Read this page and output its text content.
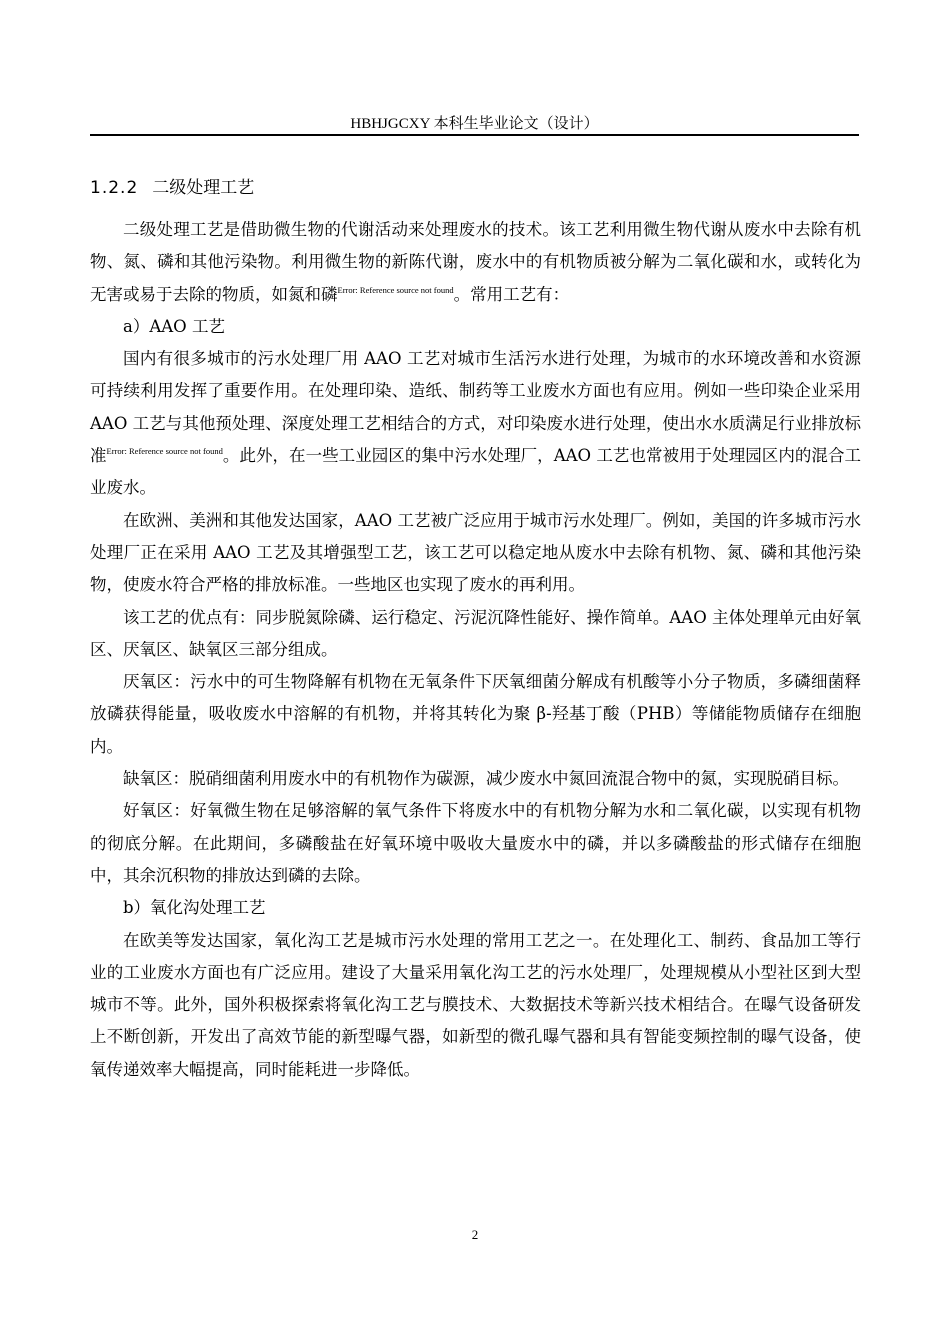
HBHJGCXY 本科生毕业论文（设计）
1.2.2 二级处理工艺

二级处理工艺是借助微生物的代谢活动来处理废水的技术。该工艺利用微生物代谢从废水中去除有机物、氮、磷和其他污染物。利用微生物的新陈代谢，废水中的有机物质被分解为二氧化碳和水，或转化为无害或易于去除的物质，如氮和磷$^{Error: Reference source not found}$。常用工艺有：

a）AAO 工艺

国内有很多城市的污水处理厂用 AAO 工艺对城市生活污水进行处理，为城市的水环境改善和水资源可持续利用发挥了重要作用。在处理印染、造纸、制药等工业废水方面也有应用。例如一些印染企业采用 AAO 工艺与其他预处理、深度处理工艺相结合的方式，对印染废水进行处理，使出水水质满足行业排放标准$^{Error: Reference source not found}$。此外，在一些工业园区的集中污水处理厂，AAO 工艺也常被用于处理园区内的混合工业废水。

在欧洲、美洲和其他发达国家，AAO 工艺被广泛应用于城市污水处理厂。例如，美国的许多城市污水处理厂正在采用 AAO 工艺及其增强型工艺，该工艺可以稳定地从废水中去除有机物、氮、磷和其他污染物，使废水符合严格的排放标准。一些地区也实现了废水的再利用。

该工艺的优点有：同步脱氮除磷、运行稳定、污泥沉降性能好、操作简单。AAO 主体处理单元由好氧区、厌氧区、缺氧区三部分组成。

厌氧区：污水中的可生物降解有机物在无氧条件下厌氧细菌分解成有机酸等小分子物质，多磷细菌释放磷获得能量，吸收废水中溶解的有机物，并将其转化为聚 β-羟基丁酸（PHB）等储能物质储存在细胞内。

缺氧区：脱硝细菌利用废水中的有机物作为碳源，减少废水中氮回流混合物中的氮，实现脱硝目标。

好氧区：好氧微生物在足够溶解的氧气条件下将废水中的有机物分解为水和二氧化碳，以实现有机物的彻底分解。在此期间，多磷酸盐在好氧环境中吸收大量废水中的磷，并以多磷酸盐的形式储存在细胞中，其余沉积物的排放达到磷的去除。

b）氧化沟处理工艺

在欧美等发达国家，氧化沟工艺是城市污水处理的常用工艺之一。在处理化工、制药、食品加工等行业的工业废水方面也有广泛应用。建设了大量采用氧化沟工艺的污水处理厂，处理规模从小型社区到大型城市不等。此外，国外积极探索将氧化沟工艺与膜技术、大数据技术等新兴技术相结合。在曝气设备研发上不断创新，开发出了高效节能的新型曝气器，如新型的微孔曝气器和具有智能变频控制的曝气设备，使氧传递效率大幅提高，同时能耗进一步降低。

2
